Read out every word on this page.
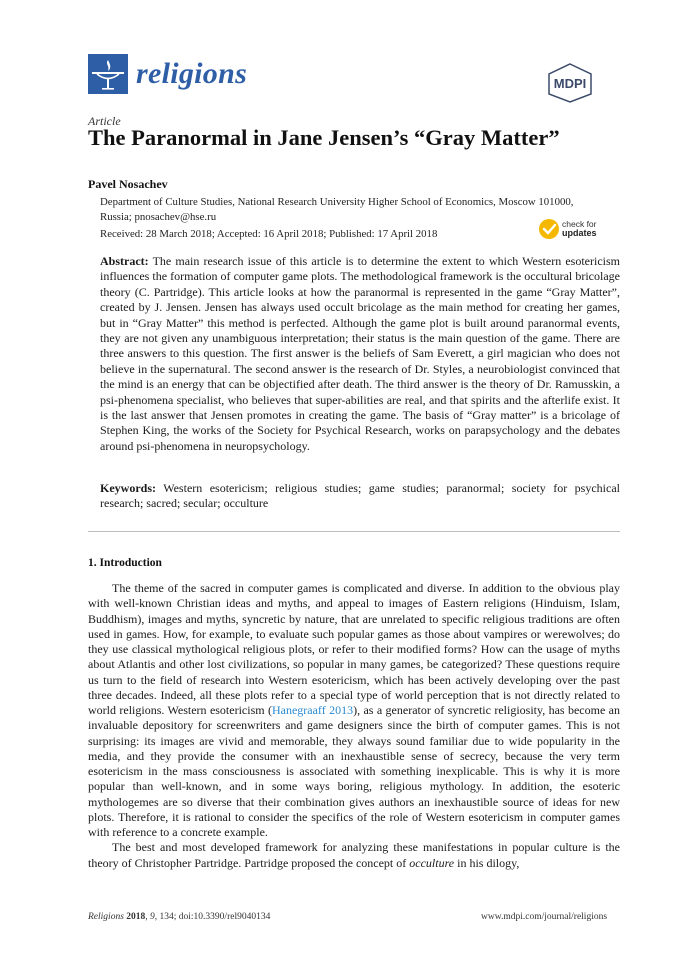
religions	MDPI
Article
The Paranormal in Jane Jensen’s “Gray Matter”
Pavel Nosachev
Department of Culture Studies, National Research University Higher School of Economics, Moscow 101000,
Russia; pnosachev@hse.ru
Received: 28 March 2018; Accepted: 16 April 2018; Published: 17 April 2018
check for
updates
Abstract: The main research issue of this article is to determine the extent to which Western esotericism influences the formation of computer game plots. The methodological framework is the occultural bricolage theory (C. Partridge). This article looks at how the paranormal is represented in the game “Gray Matter”, created by J. Jensen. Jensen has always used occult bricolage as the main method for creating her games, but in “Gray Matter” this method is perfected. Although the game plot is built around paranormal events, they are not given any unambiguous interpretation; their status is the main question of the game. There are three answers to this question. The first answer is the beliefs of Sam Everett, a girl magician who does not believe in the supernatural. The second answer is the research of Dr. Styles, a neurobiologist convinced that the mind is an energy that can be objectified after death. The third answer is the theory of Dr. Ramusskin, a psi-phenomena specialist, who believes that super-abilities are real, and that spirits and the afterlife exist. It is the last answer that Jensen promotes in creating the game. The basis of “Gray matter” is a bricolage of Stephen King, the works of the Society for Psychical Research, works on parapsychology and the debates around psi-phenomena in neuropsychology.
Keywords: Western esotericism; religious studies; game studies; paranormal; society for psychical research; sacred; secular; occulture
1. Introduction

The theme of the sacred in computer games is complicated and diverse. In addition to the obvious play with well-known Christian ideas and myths, and appeal to images of Eastern religions (Hinduism, Islam, Buddhism), images and myths, syncretic by nature, that are unrelated to specific religious traditions are often used in games. How, for example, to evaluate such popular games as those about vampires or werewolves; do they use classical mythological religious plots, or refer to their modified forms? How can the usage of myths about Atlantis and other lost civilizations, so popular in many games, be categorized? These questions require us turn to the field of research into Western esotericism, which has been actively developing over the past three decades. Indeed, all these plots refer to a special type of world perception that is not directly related to world religions. Western esotericism (Hanegraaff 2013), as a generator of syncretic religiosity, has become an invaluable depository for screenwriters and game designers since the birth of computer games. This is not surprising: its images are vivid and memorable, they always sound familiar due to wide popularity in the media, and they provide the consumer with an inexhaustible sense of secrecy, because the very term esotericism in the mass consciousness is associated with something inexplicable. This is why it is more popular than well-known, and in some ways boring, religious mythology. In addition, the esoteric mythologemes are so diverse that their combination gives authors an inexhaustible source of ideas for new plots. Therefore, it is rational to consider the specifics of the role of Western esotericism in computer games with reference to a concrete example.

The best and most developed framework for analyzing these manifestations in popular culture is the theory of Christopher Partridge. Partridge proposed the concept of occulture in his dilogy,

Religions 2018, 9, 134; doi:10.3390/rel9040134	www.mdpi.com/journal/religions
